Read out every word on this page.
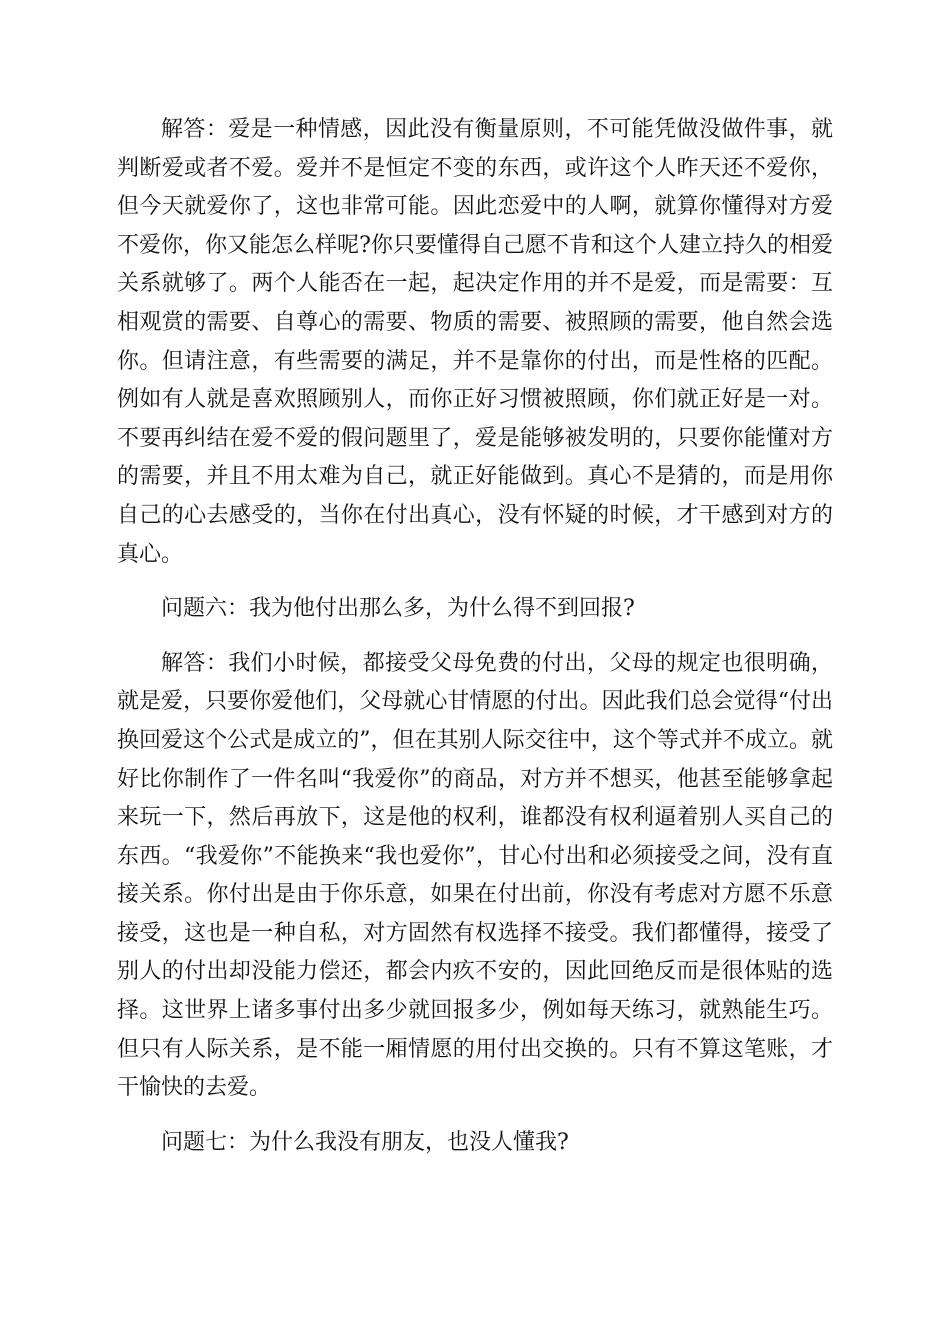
解答：爱是一种情感，因此没有衡量原则，不可能凭做没做件事，就判断爱或者不爱。爱并不是恒定不变的东西，或许这个人昨天还不爱你，但今天就爱你了，这也非常可能。因此恋爱中的人啊，就算你懂得对方爱不爱你，你又能怎么样呢?你只要懂得自己愿不肯和这个人建立持久的相爱关系就够了。两个人能否在一起，起决定作用的并不是爱，而是需要：互相观赏的需要、自尊心的需要、物质的需要、被照顾的需要，他自然会选你。但请注意，有些需要的满足，并不是靠你的付出，而是性格的匹配。例如有人就是喜欢照顾别人，而你正好习惯被照顾，你们就正好是一对。不要再纠结在爱不爱的假问题里了，爱是能够被发明的，只要你能懂对方的需要，并且不用太难为自己，就正好能做到。真心不是猜的，而是用你自己的心去感受的，当你在付出真心，没有怀疑的时候，才干感到对方的真心。

问题六：我为他付出那么多，为什么得不到回报?

解答：我们小时候，都接受父母免费的付出，父母的规定也很明确，就是爱，只要你爱他们，父母就心甘情愿的付出。因此我们总会觉得“付出换回爱这个公式是成立的”，但在其别人际交往中，这个等式并不成立。就好比你制作了一件名叫“我爱你”的商品，对方并不想买，他甚至能够拿起来玩一下，然后再放下，这是他的权利，谁都没有权利逼着别人买自己的东西。“我爱你”不能换来“我也爱你”，甘心付出和必须接受之间，没有直接关系。你付出是由于你乐意，如果在付出前，你没有考虑对方愿不乐意接受，这也是一种自私，对方固然有权选择不接受。我们都懂得，接受了别人的付出却没能力偿还，都会内疚不安的，因此回绝反而是很体贴的选择。这世界上诸多事付出多少就回报多少，例如每天练习，就熟能生巧。但只有人际关系，是不能一厢情愿的用付出交换的。只有不算这笔账，才干愉快的去爱。

问题七：为什么我没有朋友，也没人懂我?
